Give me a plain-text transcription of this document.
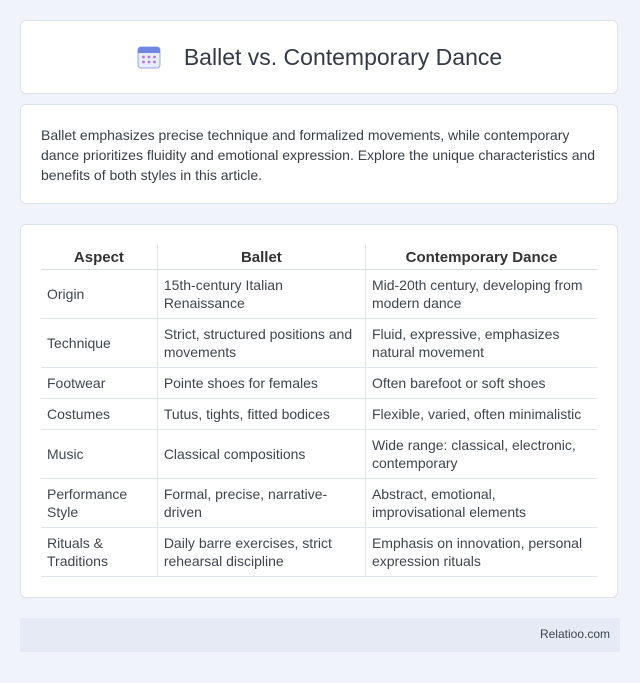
Ballet vs. Contemporary Dance

Ballet emphasizes precise technique and formalized movements, while contemporary dance prioritizes fluidity and emotional expression. Explore the unique characteristics and benefits of both styles in this article.

Aspect	Ballet	Contemporary Dance
Origin	15th-century Italian Renaissance	Mid-20th century, developing from modern dance
Technique	Strict, structured positions and movements	Fluid, expressive, emphasizes natural movement
Footwear	Pointe shoes for females	Often barefoot or soft shoes
Costumes	Tutus, tights, fitted bodices	Flexible, varied, often minimalistic
Music	Classical compositions	Wide range: classical, electronic, contemporary
Performance Style	Formal, precise, narrative-driven	Abstract, emotional, improvisational elements
Rituals & Traditions	Daily barre exercises, strict rehearsal discipline	Emphasis on innovation, personal expression rituals
Relatioo.com
